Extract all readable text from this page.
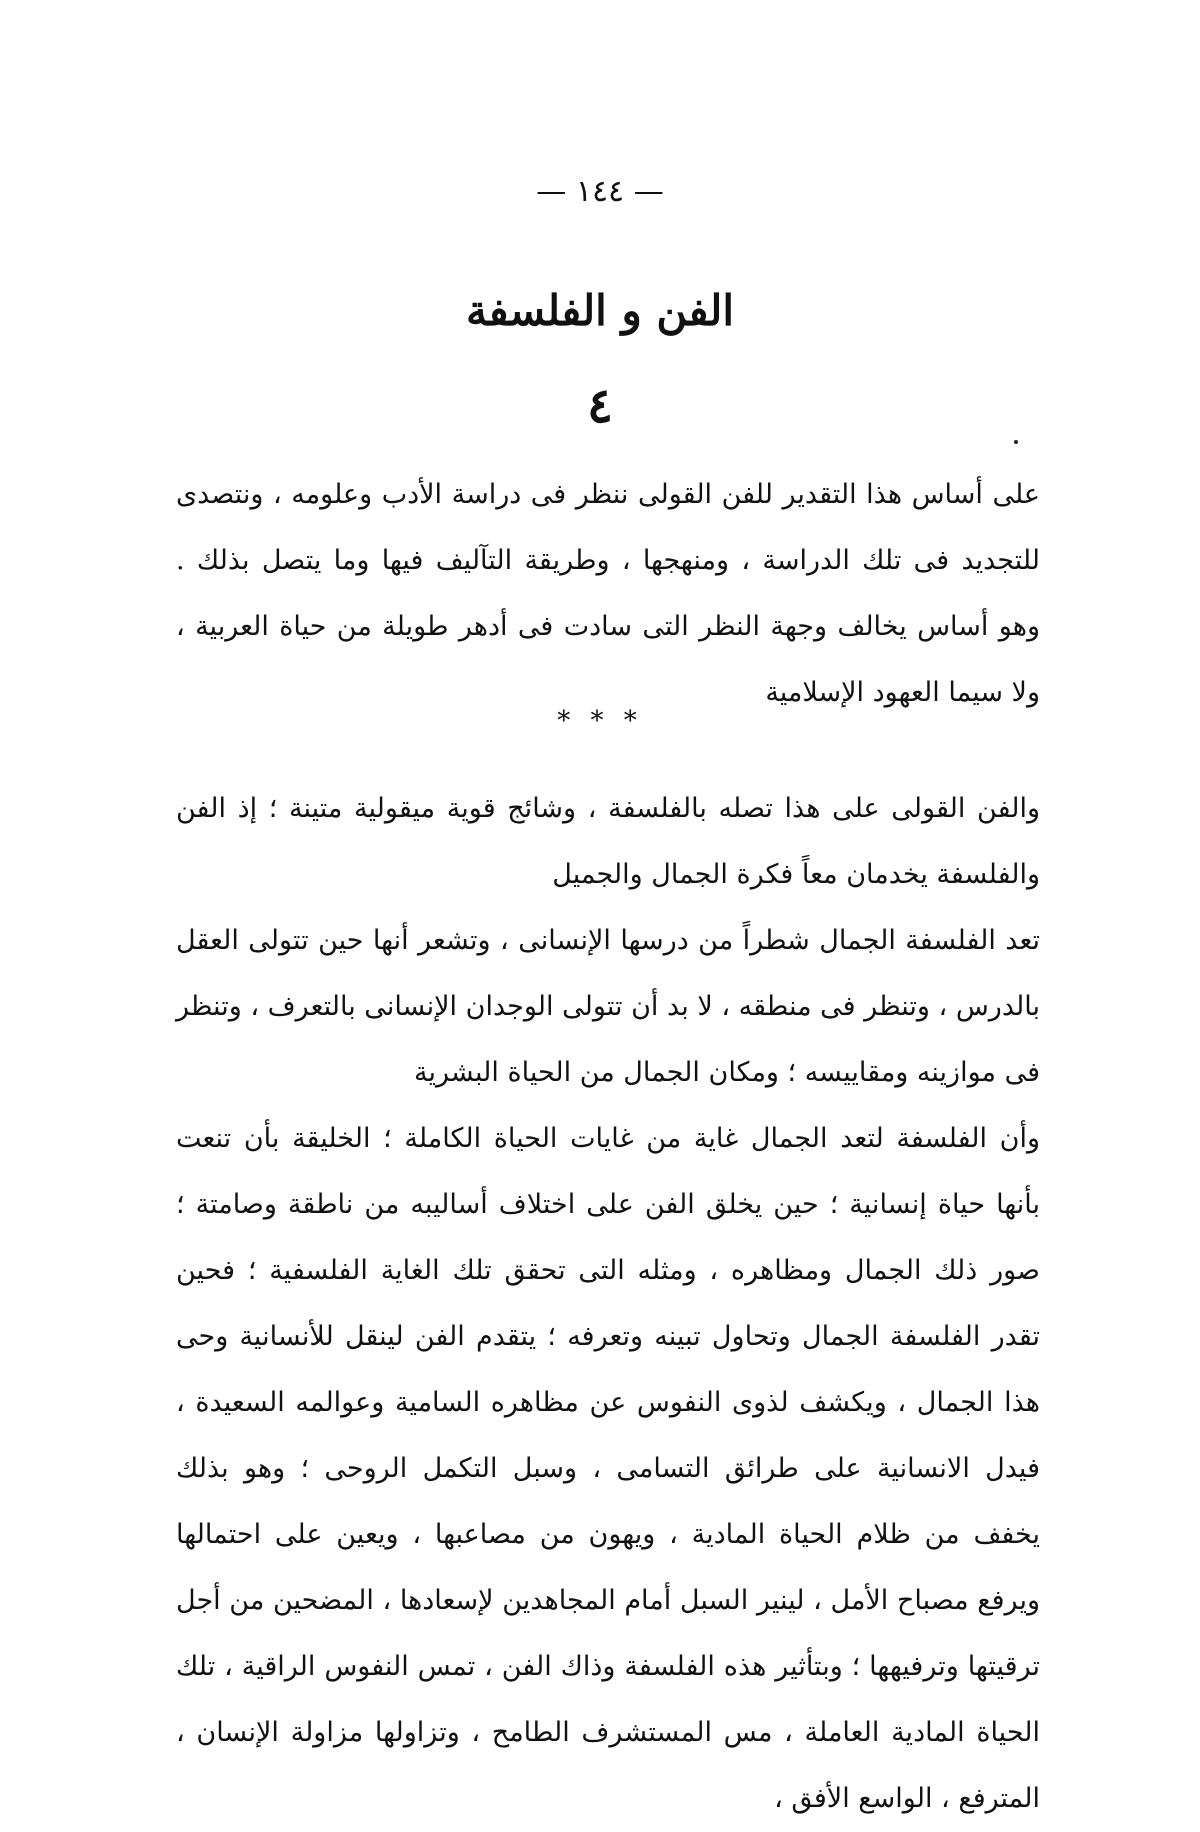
— ١٤٤ —
الفن و الفلسفة
٤

على أساس هذا التقدير للفن القولى ننظر فى دراسة الأدب وعلومه ، ونتصدى للتجديد فى تلك الدراسة ، ومنهجها ، وطريقة التآليف فيها وما يتصل بذلك . وهو أساس يخالف وجهة النظر التى سادت فى أدهر طويلة من حياة العربية ، ولا سيما العهود الإسلامية

* * *

والفن القولى على هذا تصله بالفلسفة ، وشائج قوية ميقولية متينة ؛ إذ الفن والفلسفة يخدمان معاً فكرة الجمال والجميل

تعد الفلسفة الجمال شطراً من درسها الإنسانى ، وتشعر أنها حين تتولى العقل بالدرس ، وتنظر فى منطقه ، لا بد أن تتولى الوجدان الإنسانى بالتعرف ، وتنظر فى موازينه ومقاييسه ؛ ومكان الجمال من الحياة البشرية

وأن الفلسفة لتعد الجمال غاية من غايات الحياة الكاملة ؛ الخليقة بأن تنعت بأنها حياة إنسانية ؛ حين يخلق الفن على اختلاف أساليبه من ناطقة وصامتة ؛ صور ذلك الجمال ومظاهره ، ومثله التى تحقق تلك الغاية الفلسفية ؛ فحين تقدر الفلسفة الجمال وتحاول تبينه وتعرفه ؛ يتقدم الفن لينقل للأنسانية وحى هذا الجمال ، ويكشف لذوى النفوس عن مظاهره السامية وعوالمه السعيدة ، فيدل الانسانية على طرائق التسامى ، وسبل التكمل الروحى ؛ وهو بذلك يخفف من ظلام الحياة المادية ، ويهون من مصاعبها ، ويعين على احتمالها ويرفع مصباح الأمل ، لينير السبل أمام المجاهدين لإسعادها ، المضحين من أجل ترقيتها وترفيهها ؛ وبتأثير هذه الفلسفة وذاك الفن ، تمس النفوس الراقية ، تلك الحياة المادية العاملة ، مس المستشرف الطامح ، وتزاولها مزاولة الإنسان ، المترفع ، الواسع الأفق ،
